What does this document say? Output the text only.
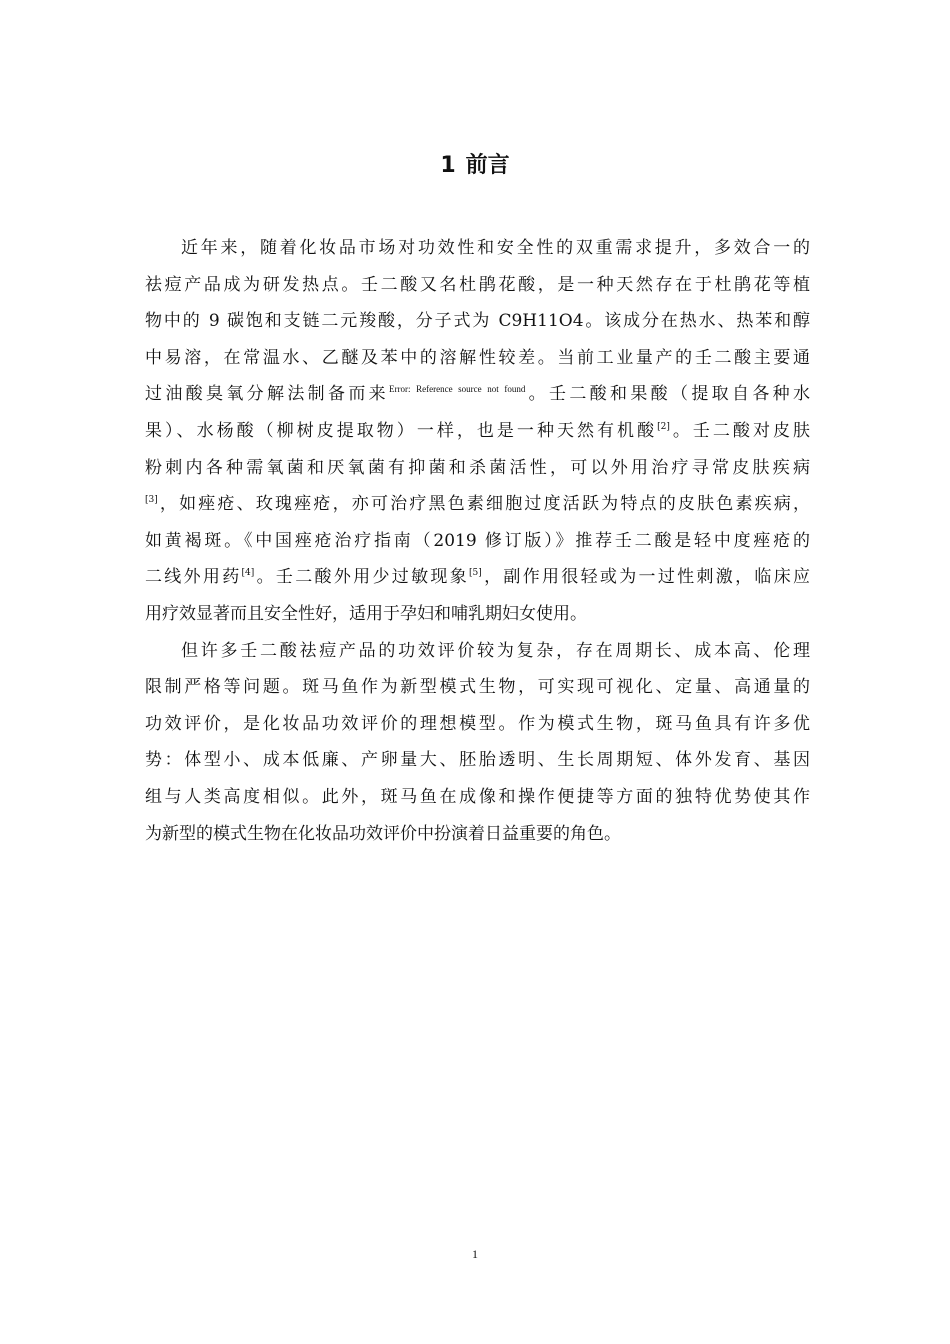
1 前言
近年来，随着化妆品市场对功效性和安全性的双重需求提升，多效合一的
祛痘产品成为研发热点。壬二酸又名杜鹃花酸，是一种天然存在于杜鹃花等植
物中的 9 碳饱和支链二元羧酸，分子式为 C9H11O4。该成分在热水、热苯和醇
中易溶，在常温水、乙醚及苯中的溶解性较差。当前工业量产的壬二酸主要通
过油酸臭氧分解法制备而来$^{Error: Reference source not found}$。壬二酸和果酸（提取自各种水
果）、水杨酸（柳树皮提取物）一样，也是一种天然有机酸[2]。壬二酸对皮肤
粉刺内各种需氧菌和厌氧菌有抑菌和杀菌活性，可以外用治疗寻常皮肤疾病
[3]，如痤疮、玫瑰痤疮，亦可治疗黑色素细胞过度活跃为特点的皮肤色素疾病，
如黄褐斑。《中国痤疮治疗指南（2019 修订版）》推荐壬二酸是轻中度痤疮的
二线外用药[4]。壬二酸外用少过敏现象[5]，副作用很轻或为一过性刺激，临床应
用疗效显著而且安全性好，适用于孕妇和哺乳期妇女使用。
但许多壬二酸祛痘产品的功效评价较为复杂，存在周期长、成本高、伦理
限制严格等问题。斑马鱼作为新型模式生物，可实现可视化、定量、高通量的
功效评价，是化妆品功效评价的理想模型。作为模式生物，斑马鱼具有许多优
势：体型小、成本低廉、产卵量大、胚胎透明、生长周期短、体外发育、基因
组与人类高度相似。此外，斑马鱼在成像和操作便捷等方面的独特优势使其作
为新型的模式生物在化妆品功效评价中扮演着日益重要的角色。
1
